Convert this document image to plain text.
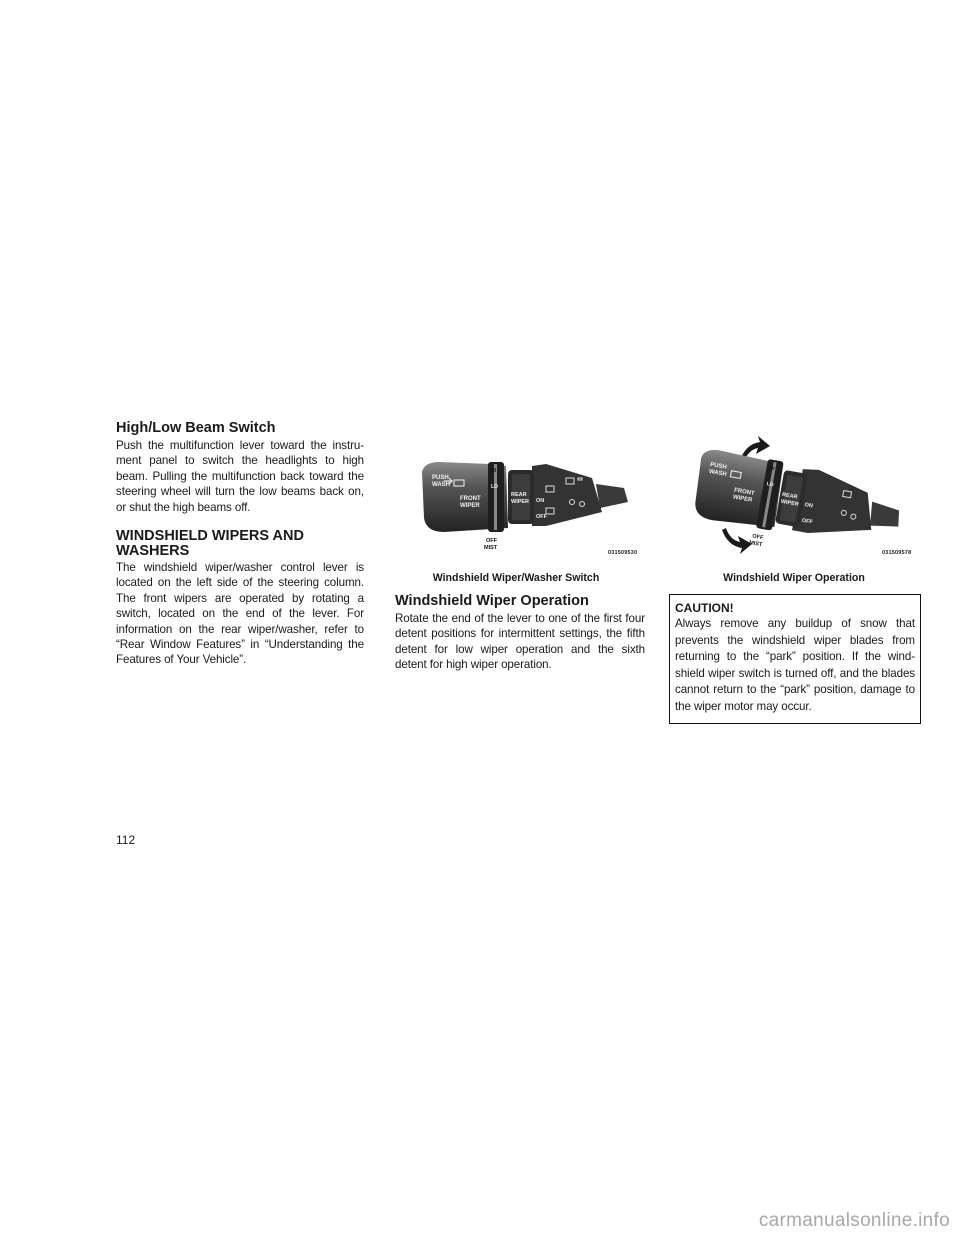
High/Low Beam Switch

Push the multifunction lever toward the instru-ment panel to switch the headlights to high beam. Pulling the multifunction back toward the steering wheel will turn the low beams back on, or shut the high beams off.

WINDSHIELD WIPERS AND
WASHERS

The windshield wiper/washer control lever is located on the left side of the steering column. The front wipers are operated by rotating a switch, located on the end of the lever. For information on the rear wiper/washer, refer to “Rear Window Features” in “Understanding the Features of Your Vehicle”.

PUSH
WASH
FRONT
WIPER
OFF
MIST
HI
LO
REAR
WIPER ON
OFF
031509530
PUSH
WASH
FRONT
WIPER
OFF
MIST
HI
LO
REAR
WIPER ON
OFF
031509578
Windshield Wiper/Washer Switch	Windshield Wiper Operation
Windshield Wiper Operation

Rotate the end of the lever to one of the first four detent positions for intermittent settings, the fifth detent for low wiper operation and the sixth detent for high wiper operation.

CAUTION!
Always remove any buildup of snow that prevents the windshield wiper blades from returning to the “park” position. If the wind-shield wiper switch is turned off, and the blades cannot return to the “park” position, damage to the wiper motor may occur.
112
carmanualsonline.info
